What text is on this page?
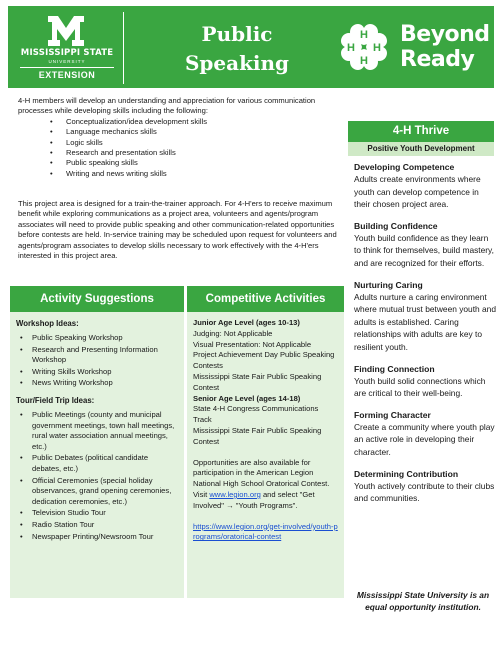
MISSISSIPPI STATE
UNIVERSITY
EXTENSION
Public
Speaking
H
H
H H
Beyond
Ready

4-H members will develop an understanding and appreciation for various communication processes while developing skills including the following:

• Conceptualization/idea development skills
• Language mechanics skills
• Logic skills
• Research and presentation skills
• Public speaking skills
• Writing and news writing skills

This project area is designed for a train-the-trainer approach. For 4-H'ers to receive maximum benefit while exploring communications as a project area, volunteers and agents/program associates will need to provide public speaking and other communication-related opportunities before contests are held. In-service training may be scheduled upon request for volunteers and agents/program associates to develop skills necessary to work effectively with the 4-H'ers interested in this project area.

Activity Suggestions
Workshop Ideas:
• Public Speaking Workshop
• Research and Presenting Information Workshop
• Writing Skills Workshop
• News Writing Workshop
Tour/Field Trip Ideas:
• Public Meetings (county and municipal government meetings, town hall meetings, rural water association annual meetings, etc.)
• Public Debates (political candidate debates, etc.)
• Official Ceremonies (special holiday observances, grand opening ceremonies, dedication ceremonies, etc.)
• Television Studio Tour
• Radio Station Tour
• Newspaper Printing/Newsroom Tour
Competitive Activities
Junior Age Level (ages 10-13)
Judging: Not Applicable
Visual Presentation: Not Applicable
Project Achievement Day Public Speaking Contests
Mississippi State Fair Public Speaking Contest
Senior Age Level (ages 14-18)
State 4-H Congress Communications Track
Mississippi State Fair Public Speaking Contest
Opportunities are also available for participation in the American Legion National High School Oratorical Contest. Visit www.legion.org and select "Get Involved" → "Youth Programs".
https://www.legion.org/get-involved/youth-programs/oratorical-contest
4-H Thrive
Positive Youth Development
Developing Competence

Adults create environments where youth can develop competence in their chosen project area.

Building Confidence

Youth build confidence as they learn to think for themselves, build mastery, and are recognized for their efforts.

Nurturing Caring

Adults nurture a caring environment where mutual trust between youth and adults is established. Caring relationships with adults are key to resilient youth.

Finding Connection

Youth build solid connections which are critical to their well-being.

Forming Character

Create a community where youth play an active role in developing their character.

Determining Contribution

Youth actively contribute to their clubs and communities.

Mississippi State University is an equal opportunity institution.
